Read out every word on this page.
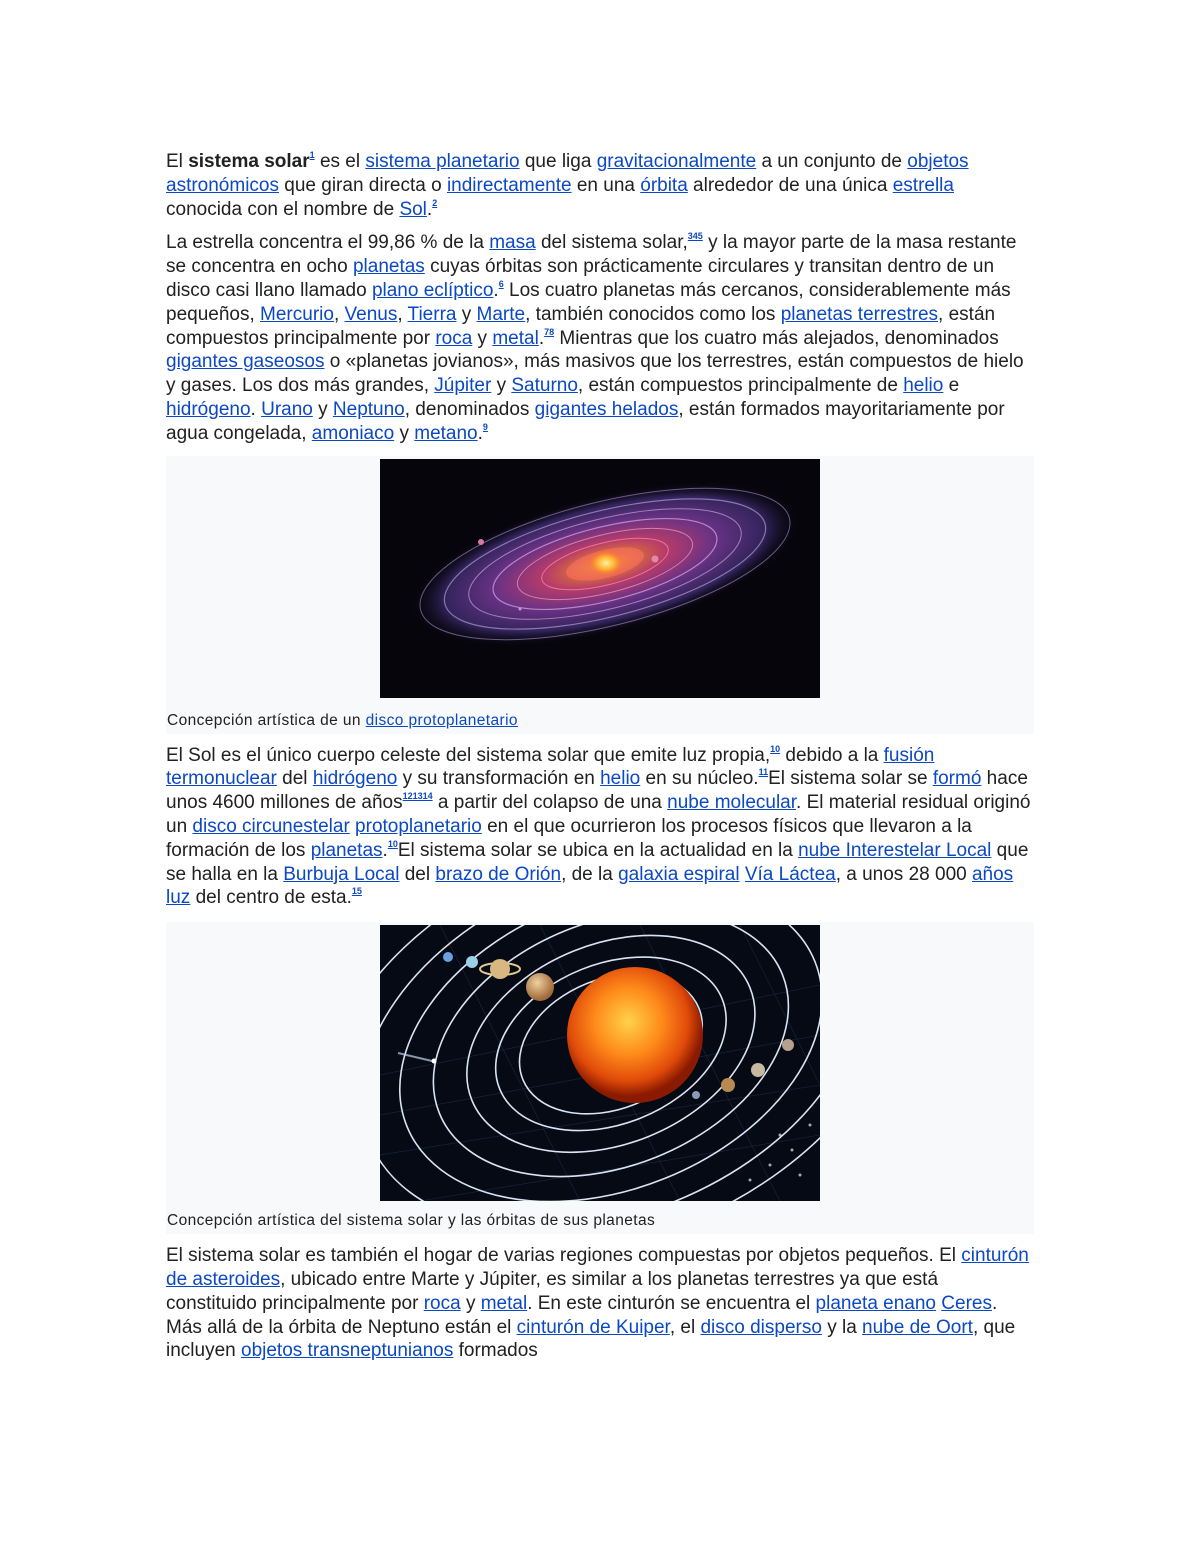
El sistema solar$^1$ es el sistema planetario que liga gravitacionalmente a un conjunto de objetos astronómicos que giran directa o indirectamente en una órbita alrededor de una única estrella conocida con el nombre de Sol.$^2$

La estrella concentra el 99,86 % de la masa del sistema solar,$^{345}$ y la mayor parte de la masa restante se concentra en ocho planetas cuyas órbitas son prácticamente circulares y transitan dentro de un disco casi llano llamado plano eclíptico.$^6$ Los cuatro planetas más cercanos, considerablemente más pequeños, Mercurio, Venus, Tierra y Marte, también conocidos como los planetas terrestres, están compuestos principalmente por roca y metal.$^{78}$ Mientras que los cuatro más alejados, denominados gigantes gaseosos o «planetas jovianos», más masivos que los terrestres, están compuestos de hielo y gases. Los dos más grandes, Júpiter y Saturno, están compuestos principalmente de helio e hidrógeno. Urano y Neptuno, denominados gigantes helados, están formados mayoritariamente por agua congelada, amoniaco y metano.$^9$

Concepción artística de un disco protoplanetario

El Sol es el único cuerpo celeste del sistema solar que emite luz propia,$^{10}$ debido a la fusión termonuclear del hidrógeno y su transformación en helio en su núcleo.$^{11}$El sistema solar se formó hace unos 4600 millones de años$^{121314}$ a partir del colapso de una nube molecular. El material residual originó un disco circunestelar protoplanetario en el que ocurrieron los procesos físicos que llevaron a la formación de los planetas.$^{10}$El sistema solar se ubica en la actualidad en la nube Interestelar Local que se halla en la Burbuja Local del brazo de Orión, de la galaxia espiral Vía Láctea, a unos 28 000 años luz del centro de esta.$^{15}$

Concepción artística del sistema solar y las órbitas de sus planetas

El sistema solar es también el hogar de varias regiones compuestas por objetos pequeños. El cinturón de asteroides, ubicado entre Marte y Júpiter, es similar a los planetas terrestres ya que está constituido principalmente por roca y metal. En este cinturón se encuentra el planeta enano Ceres. Más allá de la órbita de Neptuno están el cinturón de Kuiper, el disco disperso y la nube de Oort, que incluyen objetos transneptunianos formados
